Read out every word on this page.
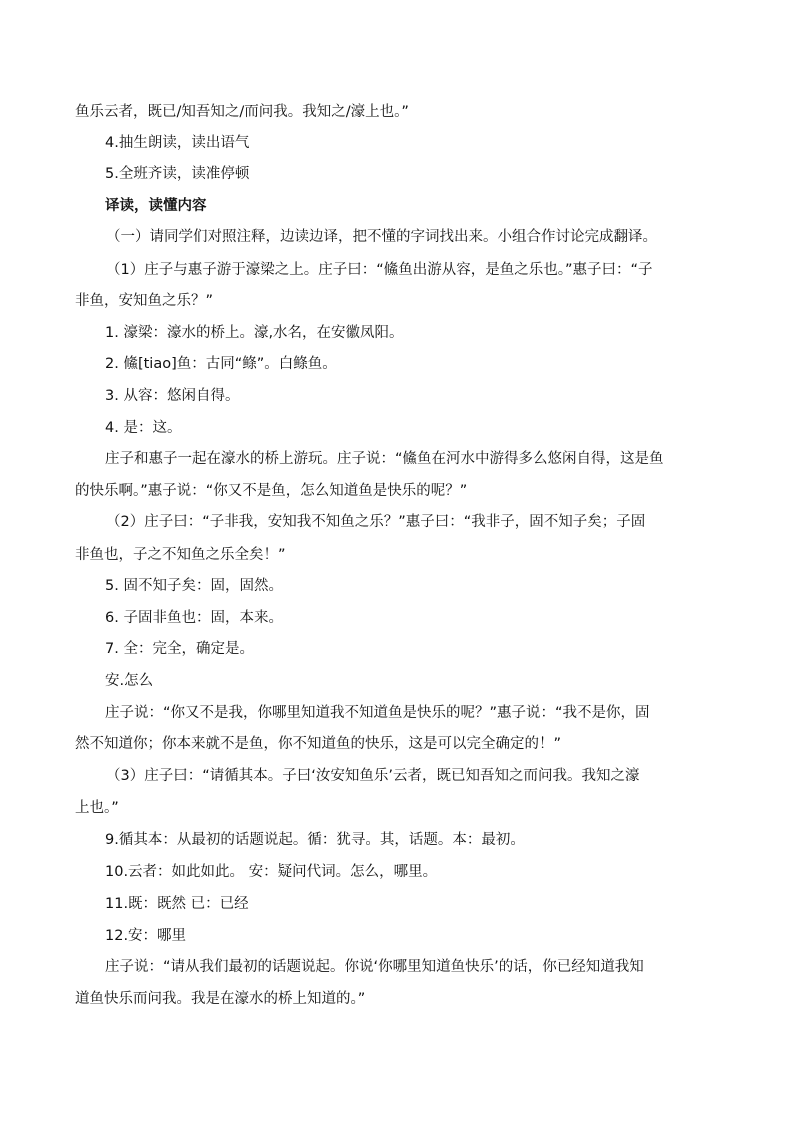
鱼乐云者，既已/知吾知之/而问我。我知之/濠上也。”
4.抽生朗读，读出语气
5.全班齐读，读准停顿
译读，读懂内容
（一）请同学们对照注释，边读边译，把不懂的字词找出来。小组合作讨论完成翻译。
（1）庄子与惠子游于濠梁之上。庄子曰：“鯈鱼出游从容，是鱼之乐也。”惠子曰：“子
非鱼，安知鱼之乐？”
1. 濠梁：濠水的桥上。濠,水名，在安徽凤阳。
2. 鯈[tiao]鱼：古同“鲦”。白鲦鱼。
3. 从容：悠闲自得。
4. 是：这。
庄子和惠子一起在濠水的桥上游玩。庄子说：“鯈鱼在河水中游得多么悠闲自得，这是鱼
的快乐啊。”惠子说：“你又不是鱼，怎么知道鱼是快乐的呢？”
（2）庄子曰：“子非我，安知我不知鱼之乐？”惠子曰：“我非子，固不知子矣；子固
非鱼也，子之不知鱼之乐全矣！”
5. 固不知子矣：固，固然。
6. 子固非鱼也：固，本来。
7. 全：完全，确定是。
安.怎么
庄子说：“你又不是我，你哪里知道我不知道鱼是快乐的呢？”惠子说：“我不是你，固
然不知道你；你本来就不是鱼，你不知道鱼的快乐，这是可以完全确定的！”
（3）庄子曰：“请循其本。子曰‘汝安知鱼乐’云者，既已知吾知之而问我。我知之濠
上也。”
9.循其本：从最初的话题说起。循：犹寻。其，话题。本：最初。
10.云者：如此如此。 安：疑问代词。怎么，哪里。
11.既：既然 已：已经
12.安：哪里
庄子说：“请从我们最初的话题说起。你说‘你哪里知道鱼快乐’的话，你已经知道我知
道鱼快乐而问我。我是在濠水的桥上知道的。”
